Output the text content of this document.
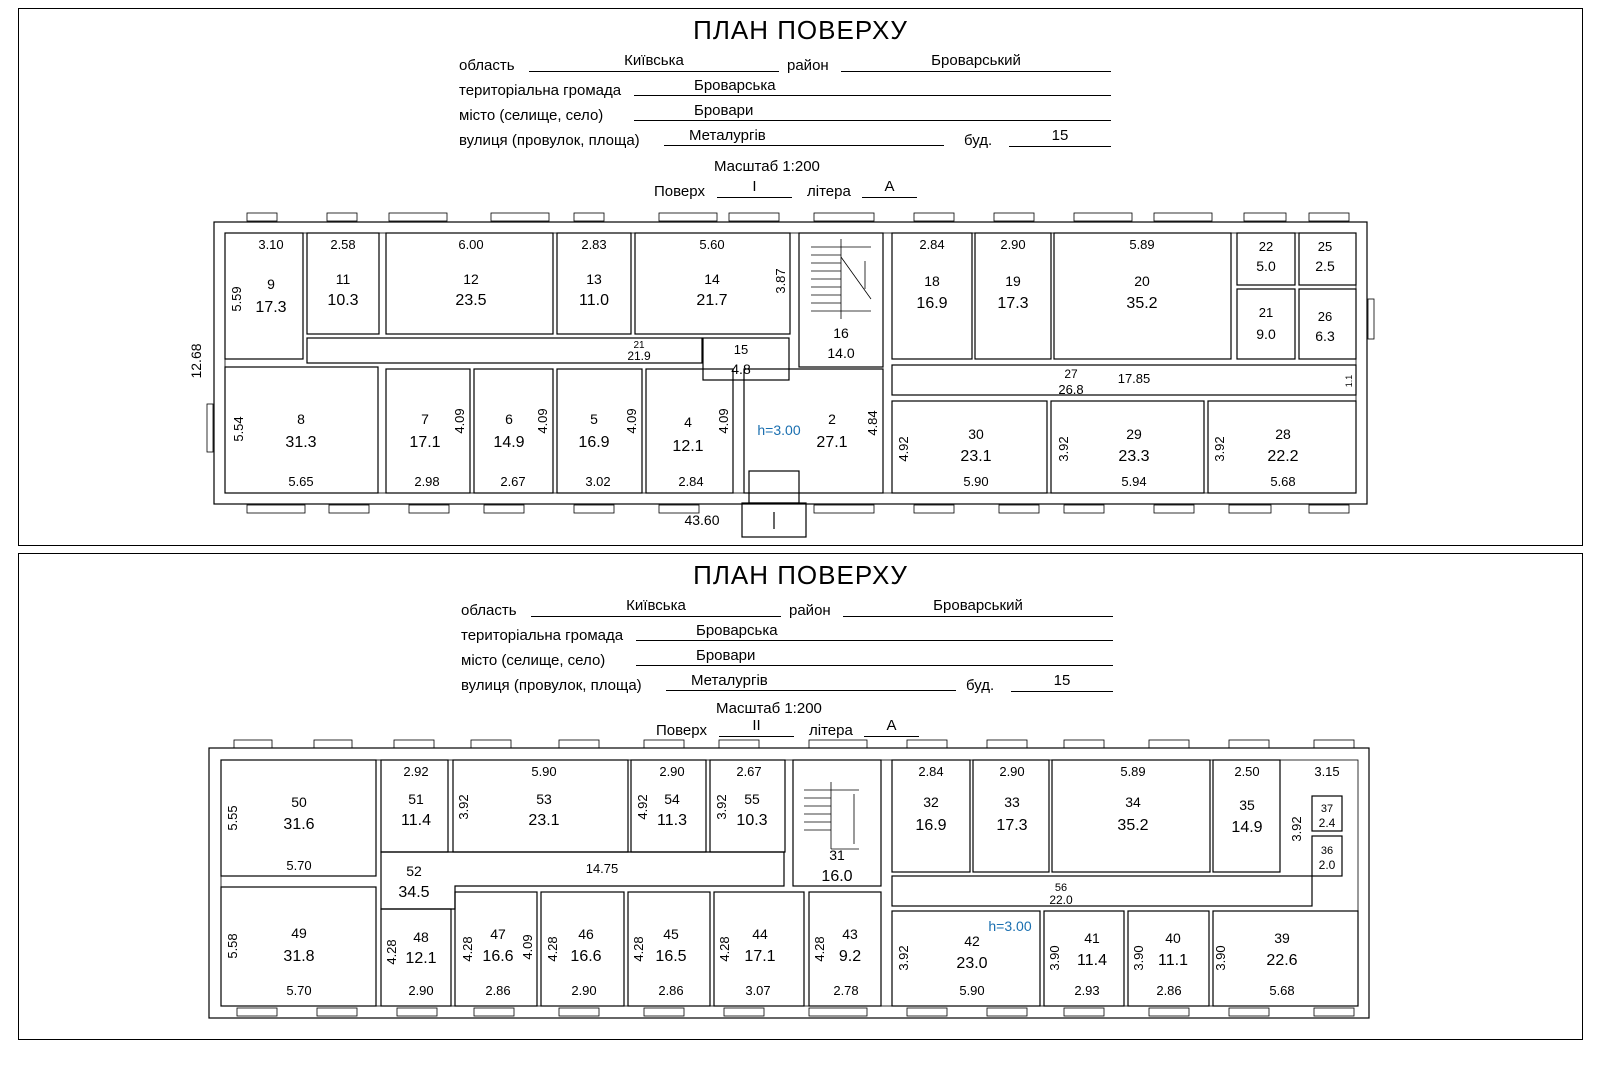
ПЛАН ПОВЕРХУ
область	Київська	район	Броварський
територіальна громада	Броварська
місто (селище, село)	Бровари
вулиця (провулок, площа)	Металургів	буд.	15
Масштаб 1:200
Поверх	I	літера	А
9
17.3
3.10
11
10.3
2.58
12
23.5
6.00
13
11.0
2.83
14
21.7
5.60
16
14.0
18
16.9
2.84
19
17.3
2.90
20
35.2
5.89	22
5.0
25
2.5
21
9.0
26
6.3
21
21.9	15
4.8	27
26.8
17.85
8
31.3
5.65
7
17.1
2.98
6
14.9
2.67
5
16.9
3.02
4
12.1
2.84
2
27.1
h=3.00	30
23.1
5.90
29
23.3
5.94
28
22.2
5.68
43.60
12.68
5.59
3.87
5.54	4.09	4.09	4.09	4.09	4.84
4.92	3.92	3.92
1.1
ПЛАН ПОВЕРХУ
область	Київська	район	Броварський
територіальна громада	Броварська
місто (селище, село)	Бровари
вулиця (провулок, площа)	Металургів	буд.	15
Масштаб 1:200
Поверх	II	літера	А
50
31.6
5.70
51
11.4
2.92
53
23.1
5.90
54
11.3
2.90
55
10.3
2.67
31
16.0
32
16.9
2.84
33
17.3
2.90
34
35.2
5.89
35
14.9
2.50
37
2.4
3.15
36
2.0
52
34.5
14.75
56
22.0
49
31.8
5.70
48
12.1
2.90
47
16.6
2.86
46
16.6
2.90
45
16.5
2.86
44
17.1
3.07
43
9.2
2.78
42
23.0
5.90
h=3.00
41
11.4
2.93
40
11.1
2.86
39
22.6
5.68
5.55	3.92	4.92	3.92
3.92
5.58	4.28	4.28	4.09 4.28	4.28	4.28	4.28	3.92	3.90	3.90	3.90
